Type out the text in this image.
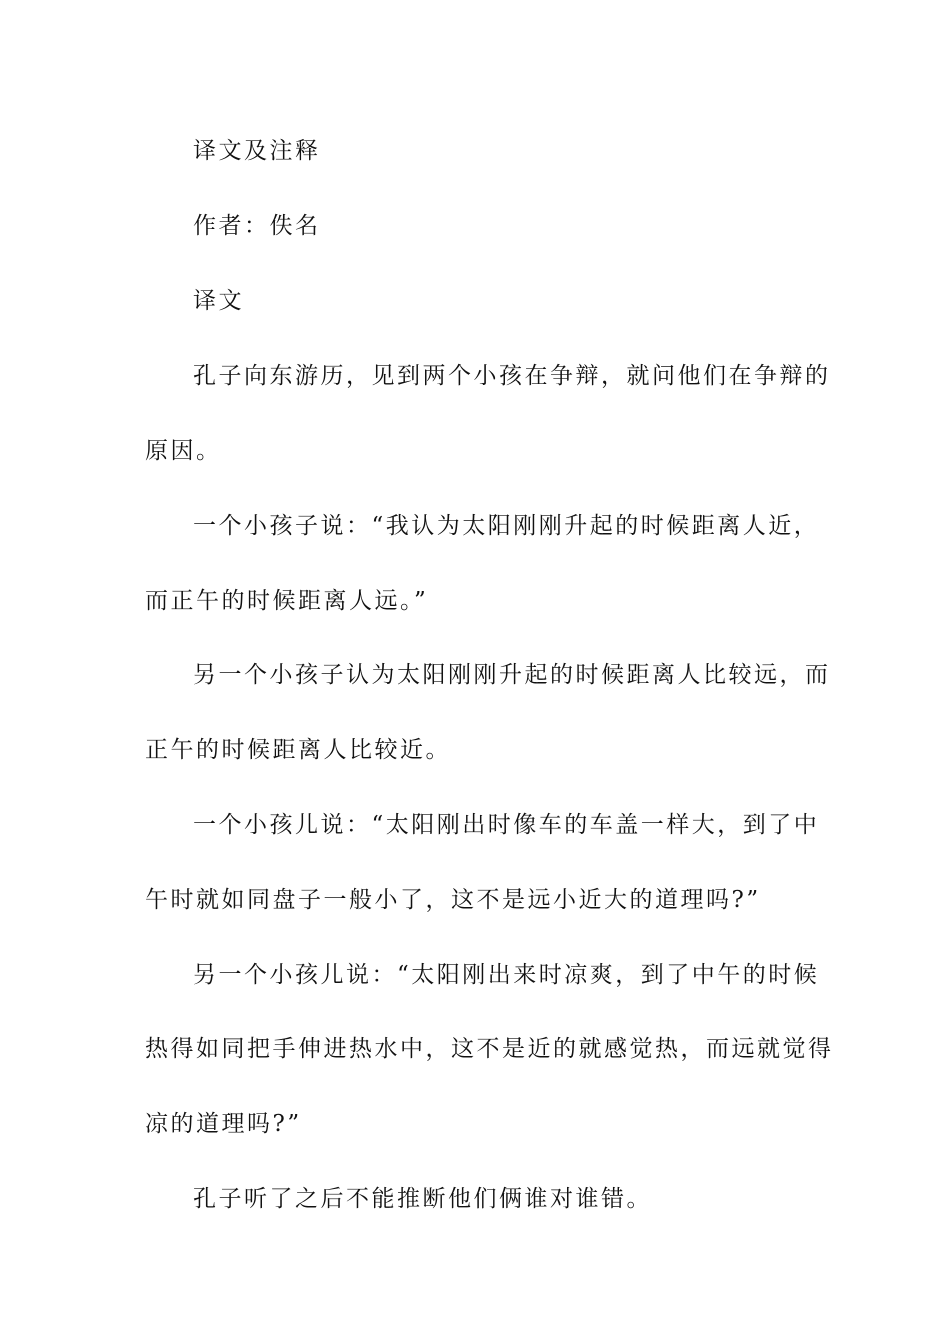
译文及注释
作者：佚名
译文
孔子向东游历，见到两个小孩在争辩，就问他们在争辩的
原因。
一个小孩子说：“我认为太阳刚刚升起的时候距离人近，
而正午的时候距离人远。”
另一个小孩子认为太阳刚刚升起的时候距离人比较远，而
正午的时候距离人比较近。
一个小孩儿说：“太阳刚出时像车的车盖一样大，到了中
午时就如同盘子一般小了，这不是远小近大的道理吗?”
另一个小孩儿说：“太阳刚出来时凉爽，到了中午的时候
热得如同把手伸进热水中，这不是近的就感觉热，而远就觉得
凉的道理吗?”
孔子听了之后不能推断他们俩谁对谁错。
